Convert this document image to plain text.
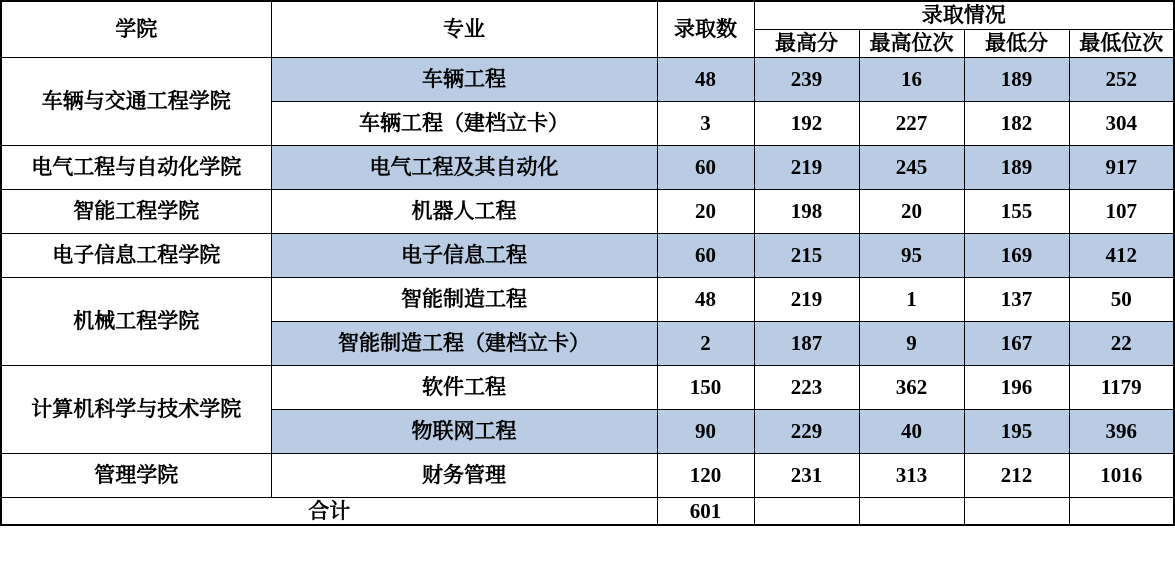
学院	专业	录取数	录取情况			
			最高分	最高位次	最低分	最低位次
车辆与交通工程学院	车辆工程	48	239	16	189	252
	车辆工程（建档立卡）	3	192	227	182	304
电气工程与自动化学院	电气工程及其自动化	60	219	245	189	917
智能工程学院	机器人工程	20	198	20	155	107
电子信息工程学院	电子信息工程	60	215	95	169	412
机械工程学院	智能制造工程	48	219	1	137	50
	智能制造工程（建档立卡）	2	187	9	167	22
计算机科学与技术学院	软件工程	150	223	362	196	1179
	物联网工程	90	229	40	195	396
管理学院	财务管理	120	231	313	212	1016
合计		601				
